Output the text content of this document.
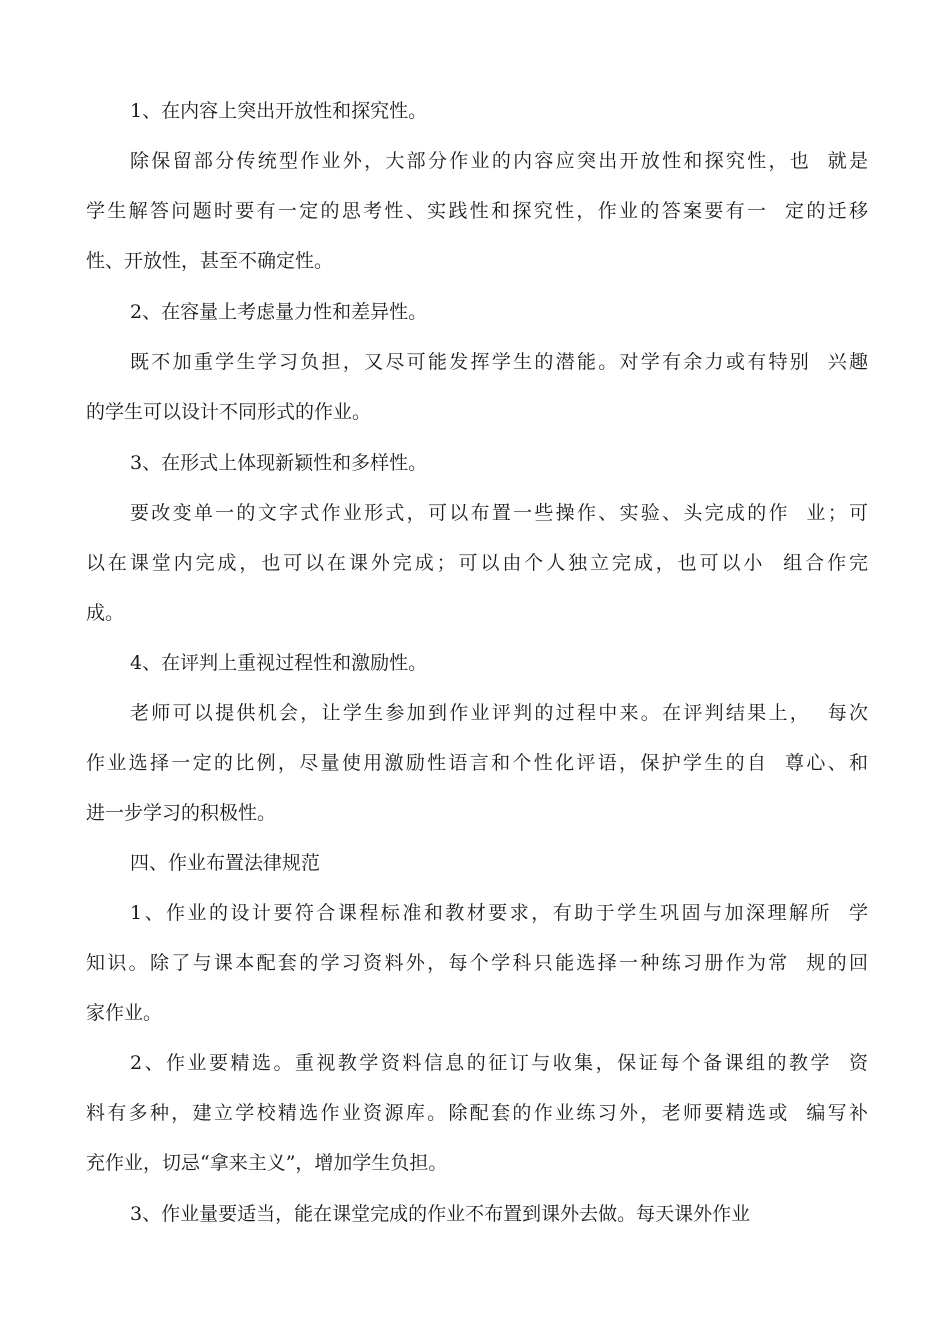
1、在内容上突出开放性和探究性。
除保留部分传统型作业外，大部分作业的内容应突出开放性和探究性，也  就是
学生解答问题时要有一定的思考性、实践性和探究性，作业的答案要有一  定的迁移
性、开放性，甚至不确定性。
2、在容量上考虑量力性和差异性。
既不加重学生学习负担，又尽可能发挥学生的潜能。对学有余力或有特别  兴趣
的学生可以设计不同形式的作业。
3、在形式上体现新颖性和多样性。
要改变单一的文字式作业形式，可以布置一些操作、实验、头完成的作  业；可
以在课堂内完成，也可以在课外完成；可以由个人独立完成，也可以小  组合作完
成。
4、在评判上重视过程性和激励性。
老师可以提供机会，让学生参加到作业评判的过程中来。在评判结果上，  每次
作业选择一定的比例，尽量使用激励性语言和个性化评语，保护学生的自  尊心、和
进一步学习的积极性。
四、作业布置法律规范
1、作业的设计要符合课程标准和教材要求，有助于学生巩固与加深理解所  学
知识。除了与课本配套的学习资料外，每个学科只能选择一种练习册作为常  规的回
家作业。
2、作业要精选。重视教学资料信息的征订与收集，保证每个备课组的教学  资
料有多种，建立学校精选作业资源库。除配套的作业练习外，老师要精选或  编写补
充作业，切忌“拿来主义”，增加学生负担。
3、作业量要适当，能在课堂完成的作业不布置到课外去做。每天课外作业
